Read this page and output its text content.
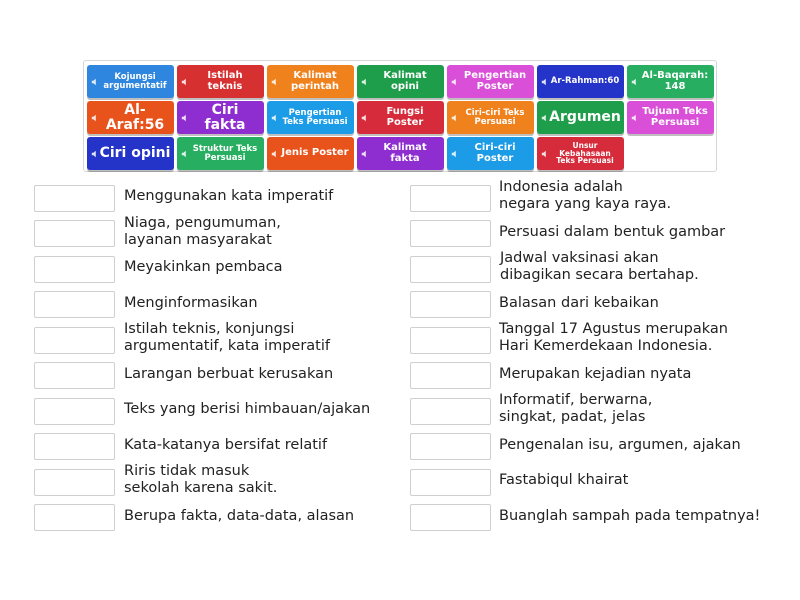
Kojungsi argumentatif
Istilah teknis
Kalimat perintah
Kalimat opini
Pengertian Poster	Ar-Rahman:60
Al-Baqarah: 148
Al-Araf:56
Ciri fakta
Pengertian Teks Persuasi
Fungsi Poster
Ciri-ciri Teks Persuasi	Argumen	Tujuan Teks Persuasi
Ciri opini	Struktur Teks Persuasi	Jenis Poster	Kalimat fakta
Ciri-ciri Poster
Unsur Kebahasaan Teks Persuasi
Menggunakan kata imperatif
Niaga, pengumuman,
layanan masyarakat
Meyakinkan pembaca
Menginformasikan
Istilah teknis, konjungsi
argumentatif, kata imperatif
Larangan berbuat kerusakan
Teks yang berisi himbauan/ajakan
Kata-katanya bersifat relatif
Riris tidak masuk
sekolah karena sakit.
Berupa fakta, data-data, alasan
Indonesia adalah
negara yang kaya raya.
Persuasi dalam bentuk gambar
Jadwal vaksinasi akan
dibagikan secara bertahap.
Balasan dari kebaikan
Tanggal 17 Agustus merupakan
Hari Kemerdekaan Indonesia.
Merupakan kejadian nyata
Informatif, berwarna,
singkat, padat, jelas
Pengenalan isu, argumen, ajakan
Fastabiqul khairat
Buanglah sampah pada tempatnya!
